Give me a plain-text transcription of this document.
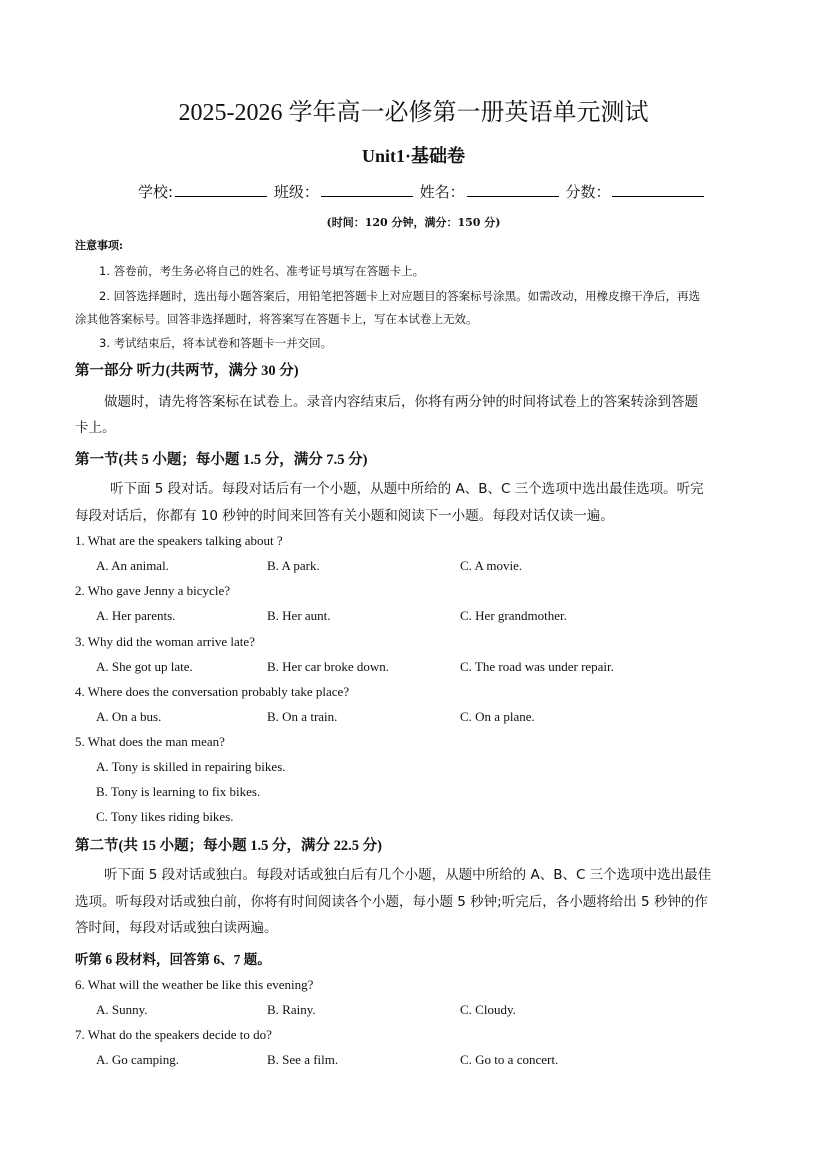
2025-2026 学年高一必修第一册英语单元测试
Unit1·基础卷
学校:	班级：	姓名：	分数：
(时间：120 分钟，满分：150 分)
注意事项:
1. 答卷前，考生务必将自己的姓名、准考证号填写在答题卡上。
2. 回答选择题时，选出每小题答案后，用铅笔把答题卡上对应题目的答案标号涂黑。如需改动，用橡皮擦干净后，再选
涂其他答案标号。回答非选择题时，将答案写在答题卡上，写在本试卷上无效。
3. 考试结束后，将本试卷和答题卡一并交回。
第一部分 听力(共两节，满分 30 分)
做题时，请先将答案标在试卷上。录音内容结束后，你将有两分钟的时间将试卷上的答案转涂到答题
卡上。
第一节(共 5 小题；每小题 1.5 分，满分 7.5 分)
听下面 5 段对话。每段对话后有一个小题，从题中所给的 A、B、C 三个选项中选出最佳选项。听完
每段对话后，你都有 10 秒钟的时间来回答有关小题和阅读下一小题。每段对话仅读一遍。
1. What are the speakers talking about ?
A. An animal.	B. A park.	C. A movie.
2. Who gave Jenny a bicycle?
A. Her parents.	B. Her aunt.	C. Her grandmother.
3. Why did the woman arrive late?
A. She got up late.	B. Her car broke down.	C. The road was under repair.
4. Where does the conversation probably take place?
A. On a bus.	B. On a train.	C. On a plane.
5. What does the man mean?
A. Tony is skilled in repairing bikes.
B. Tony is learning to fix bikes.
C. Tony likes riding bikes.
第二节(共 15 小题；每小题 1.5 分，满分 22.5 分)
听下面 5 段对话或独白。每段对话或独白后有几个小题，从题中所给的 A、B、C 三个选项中选出最佳
选项。听每段对话或独白前，你将有时间阅读各个小题，每小题 5 秒钟;听完后，各小题将给出 5 秒钟的作
答时间，每段对话或独白读两遍。
听第 6 段材料，回答第 6、7 题。
6. What will the weather be like this evening?
A. Sunny.	B. Rainy.	C. Cloudy.
7. What do the speakers decide to do?
A. Go camping.	B. See a film.	C. Go to a concert.
